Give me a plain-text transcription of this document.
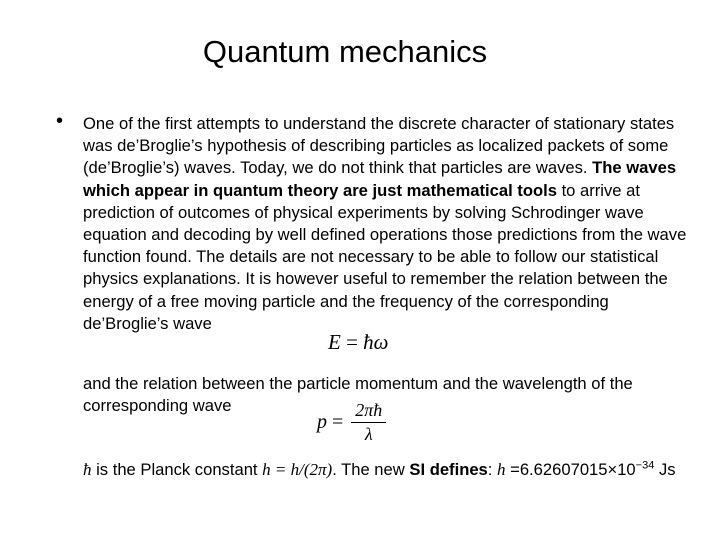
Quantum mechanics
• One of the first attempts to understand the discrete character of stationary states was de’Broglie’s hypothesis of describing particles as localized packets of some (de’Broglie’s) waves. Today, we do not think that particles are waves. The waves which appear in quantum theory are just mathematical tools to arrive at prediction of outcomes of physical experiments by solving Schrodinger wave equation and decoding by well defined operations those predictions from the wave function found. The details are not necessary to be able to follow our statistical physics explanations. It is however useful to remember the relation between the energy of a free moving particle and the frequency of the corresponding de’Broglie’s wave
E = ħω
and the relation between the particle momentum and the wavelength of the corresponding wave
$p = \frac{2\pi ħ}{\lambda}$
ħ is the Planck constant h = h/(2π). The new SI defines: $h =6.62607015\times 10^{-34}$ Js
